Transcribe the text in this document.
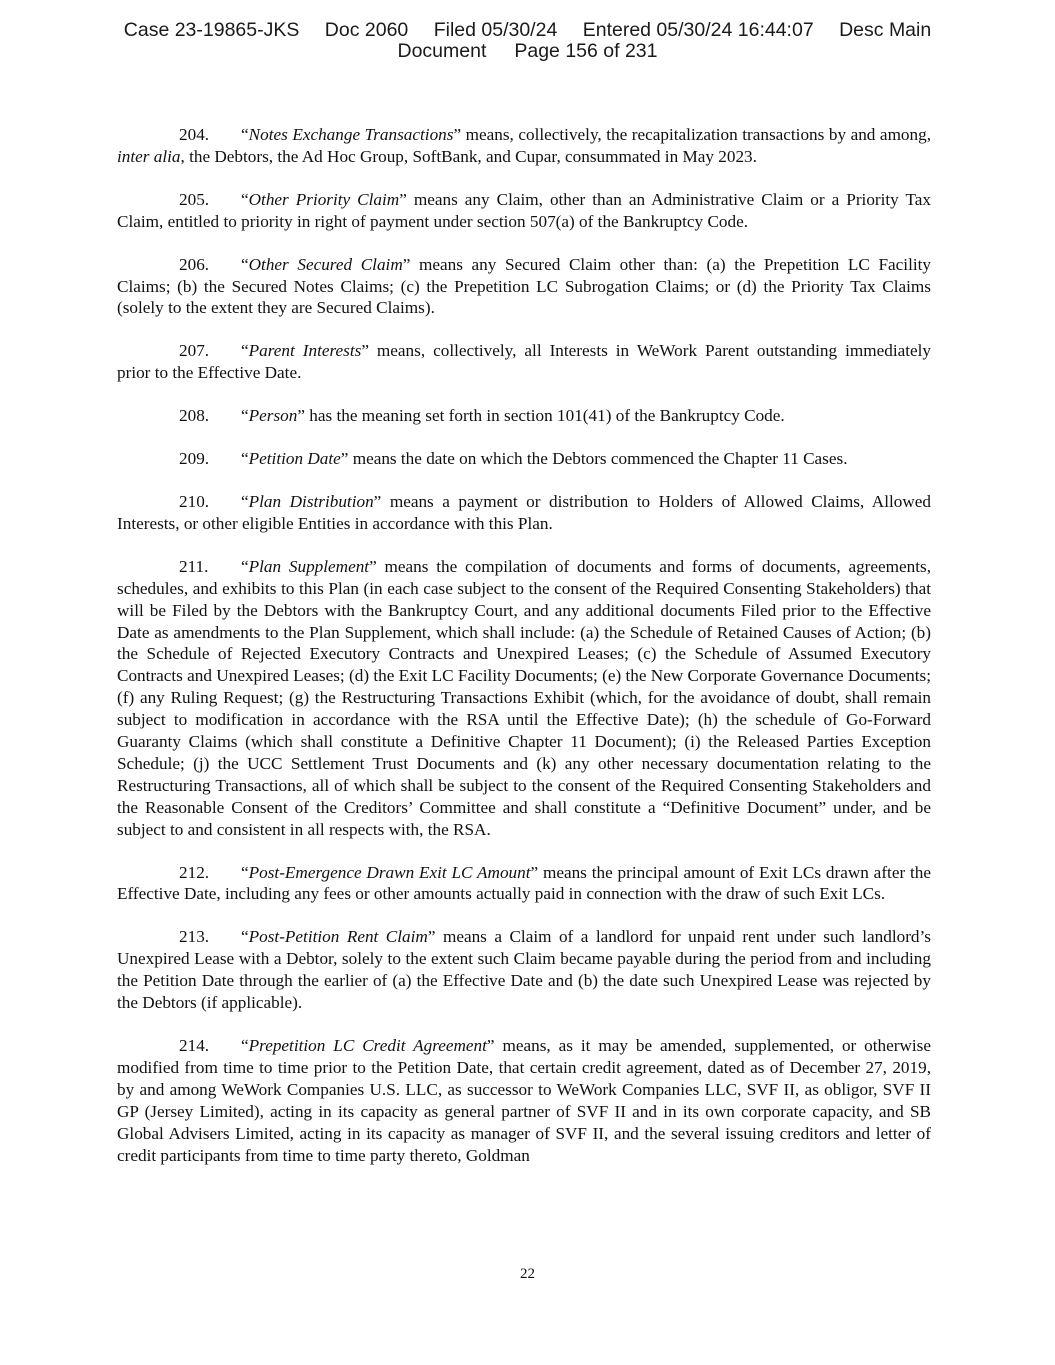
Case 23-19865-JKS Doc 2060 Filed 05/30/24 Entered 05/30/24 16:44:07 Desc Main
Document Page 156 of 231

204. “Notes Exchange Transactions” means, collectively, the recapitalization transactions by and among, inter alia, the Debtors, the Ad Hoc Group, SoftBank, and Cupar, consummated in May 2023.

205. “Other Priority Claim” means any Claim, other than an Administrative Claim or a Priority Tax Claim, entitled to priority in right of payment under section 507(a) of the Bankruptcy Code.

206. “Other Secured Claim” means any Secured Claim other than: (a) the Prepetition LC Facility Claims; (b) the Secured Notes Claims; (c) the Prepetition LC Subrogation Claims; or (d) the Priority Tax Claims (solely to the extent they are Secured Claims).

207. “Parent Interests” means, collectively, all Interests in WeWork Parent outstanding immediately prior to the Effective Date.

208. “Person” has the meaning set forth in section 101(41) of the Bankruptcy Code.

209. “Petition Date” means the date on which the Debtors commenced the Chapter 11 Cases.

210. “Plan Distribution” means a payment or distribution to Holders of Allowed Claims, Allowed Interests, or other eligible Entities in accordance with this Plan.

211. “Plan Supplement” means the compilation of documents and forms of documents, agreements, schedules, and exhibits to this Plan (in each case subject to the consent of the Required Consenting Stakeholders) that will be Filed by the Debtors with the Bankruptcy Court, and any additional documents Filed prior to the Effective Date as amendments to the Plan Supplement, which shall include: (a) the Schedule of Retained Causes of Action; (b) the Schedule of Rejected Executory Contracts and Unexpired Leases; (c) the Schedule of Assumed Executory Contracts and Unexpired Leases; (d) the Exit LC Facility Documents; (e) the New Corporate Governance Documents; (f) any Ruling Request; (g) the Restructuring Transactions Exhibit (which, for the avoidance of doubt, shall remain subject to modification in accordance with the RSA until the Effective Date); (h) the schedule of Go-Forward Guaranty Claims (which shall constitute a Definitive Chapter 11 Document); (i) the Released Parties Exception Schedule; (j) the UCC Settlement Trust Documents and (k) any other necessary documentation relating to the Restructuring Transactions, all of which shall be subject to the consent of the Required Consenting Stakeholders and the Reasonable Consent of the Creditors’ Committee and shall constitute a “Definitive Document” under, and be subject to and consistent in all respects with, the RSA.

212. “Post-Emergence Drawn Exit LC Amount” means the principal amount of Exit LCs drawn after the Effective Date, including any fees or other amounts actually paid in connection with the draw of such Exit LCs.

213. “Post-Petition Rent Claim” means a Claim of a landlord for unpaid rent under such landlord’s Unexpired Lease with a Debtor, solely to the extent such Claim became payable during the period from and including the Petition Date through the earlier of (a) the Effective Date and (b) the date such Unexpired Lease was rejected by the Debtors (if applicable).

214. “Prepetition LC Credit Agreement” means, as it may be amended, supplemented, or otherwise modified from time to time prior to the Petition Date, that certain credit agreement, dated as of December 27, 2019, by and among WeWork Companies U.S. LLC, as successor to WeWork Companies LLC, SVF II, as obligor, SVF II GP (Jersey Limited), acting in its capacity as general partner of SVF II and in its own corporate capacity, and SB Global Advisers Limited, acting in its capacity as manager of SVF II, and the several issuing creditors and letter of credit participants from time to time party thereto, Goldman

22
